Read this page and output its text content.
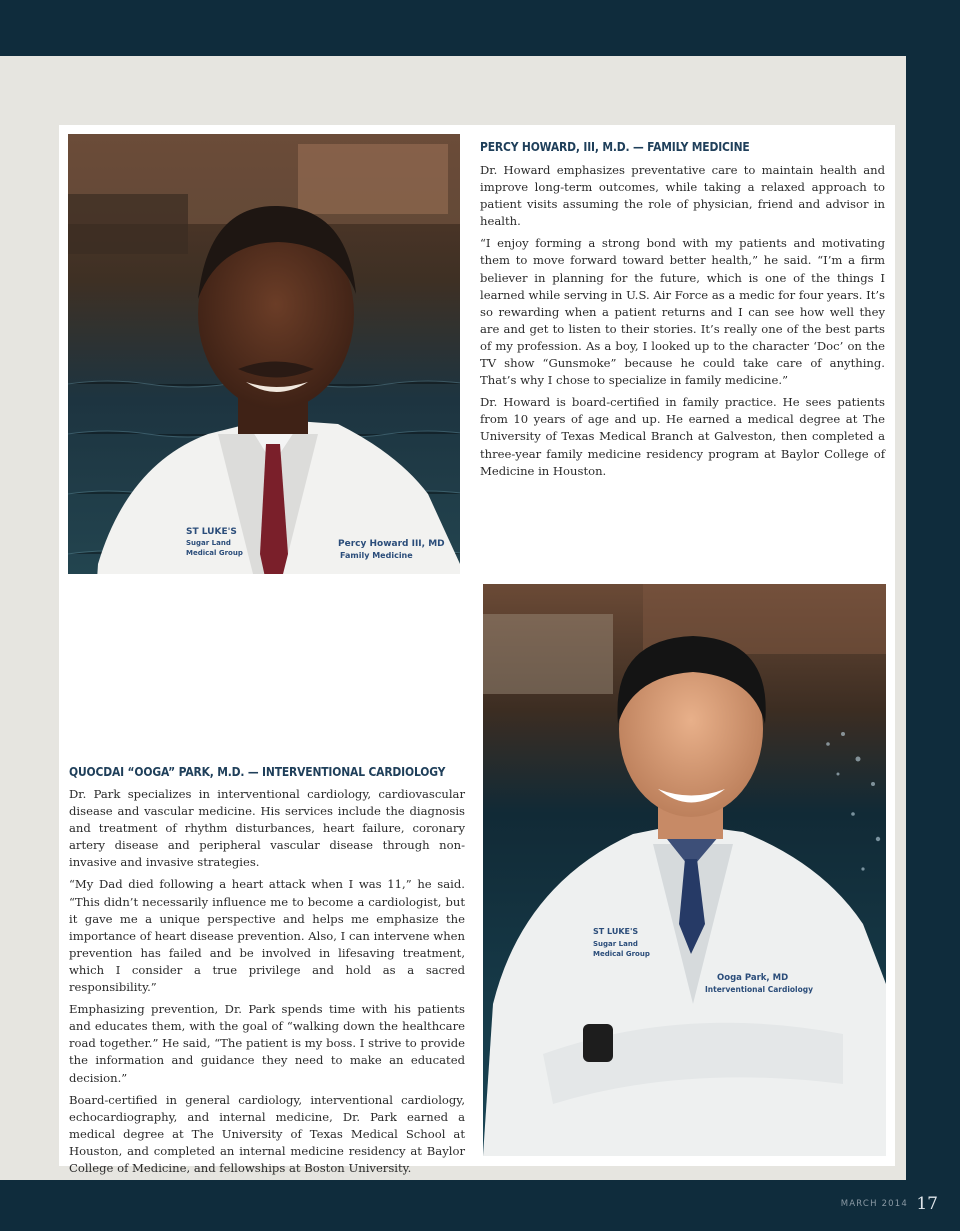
ST LUKE'S
Sugar Land
Medical Group
Percy Howard III, MD
Family Medicine
PERCY HOWARD, III, M.D. — FAMILY MEDICINE

Dr. Howard emphasizes preventative care to maintain health and improve long-term outcomes, while taking a relaxed approach to patient visits assuming the role of physician, friend and advisor in health.

“I enjoy forming a strong bond with my patients and motivating them to move forward toward better health,” he said. “I’m a firm believer in planning for the future, which is one of the things I learned while serving in U.S. Air Force as a medic for four years. It’s so rewarding when a patient returns and I can see how well they are and get to listen to their stories. It’s really one of the best parts of my profession. As a boy, I looked up to the character ‘Doc’ on the TV show “Gunsmoke” because he could take care of anything. That’s why I chose to specialize in family medicine.”

Dr. Howard is board-certified in family practice. He sees patients from 10 years of age and up. He earned a medical degree at The University of Texas Medical Branch at Galveston, then completed a three-year family medicine residency program at Baylor College of Medicine in Houston.

ST LUKE'S
Sugar Land
Medical Group
Ooga Park, MD
Interventional Cardiology
QUOCDAI “OOGA” PARK, M.D. — INTERVENTIONAL CARDIOLOGY

Dr. Park specializes in interventional cardiology, cardiovascular disease and vascular medicine. His services include the diagnosis and treatment of rhythm disturbances, heart failure, coronary artery disease and peripheral vascular disease through non-invasive and invasive strategies.

“My Dad died following a heart attack when I was 11,” he said. “This didn’t necessarily influence me to become a cardiologist, but it gave me a unique perspective and helps me emphasize the importance of heart disease prevention. Also, I can intervene when prevention has failed and be involved in lifesaving treatment, which I consider a true privilege and hold as a sacred responsibility.”

Emphasizing prevention, Dr. Park spends time with his patients and educates them, with the goal of “walking down the healthcare road together.” He said, “The patient is my boss. I strive to provide the information and guidance they need to make an educated decision.”

Board-certified in general cardiology, interventional cardiology, echocardiography, and internal medicine, Dr. Park earned a medical degree at The University of Texas Medical School at Houston, and completed an internal medicine residency at Baylor College of Medicine, and fellowships at Boston University.

MARCH 2014 17
